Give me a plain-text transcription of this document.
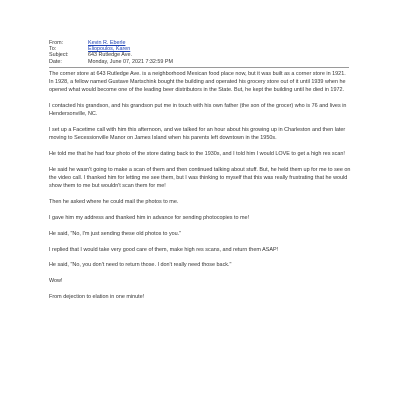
From:	Kevin R. Eberle
To:	Eliopoulos, Karen
Subject:	643 Rutledge Ave.
Date:	Monday, June 07, 2021 7:32:59 PM

The corner store at 643 Rutledge Ave. is a neighborhood Mexican food place now, but it was built as a corner store in 1921. In 1928, a fellow named Gustave Martschink bought the building and operated his grocery store out of it until 1939 when he opened what would become one of the leading beer distributors in the State. But, he kept the building until he died in 1972.

I contacted his grandson, and his grandson put me in touch with his own father (the son of the grocer) who is 76 and lives in Hendersonville, NC.

I set up a Facetime call with him this afternoon, and we talked for an hour about his growing up in Charleston and then later moving to Secessionville Manor on James Island when his parents left downtown in the 1950s.

He told me that he had four photo of the store dating back to the 1930s, and I told him I would LOVE to get a high res scan!

He said he wasn't going to make a scan of them and then continued talking about stuff. But, he held them up for me to see on the video call. I thanked him for letting me see them, but I was thinking to myself that this was really frustrating that he would show them to me but wouldn't scan them for me!

Then he asked where he could mail the photos to me.

I gave him my address and thanked him in advance for sending photocopies to me!

He said, "No, I'm just sending these old photos to you."

I replied that I would take very good care of them, make high res scans, and return them ASAP!

He said, "No, you don't need to return those. I don't really need those back."

Wow!

From dejection to elation in one minute!
